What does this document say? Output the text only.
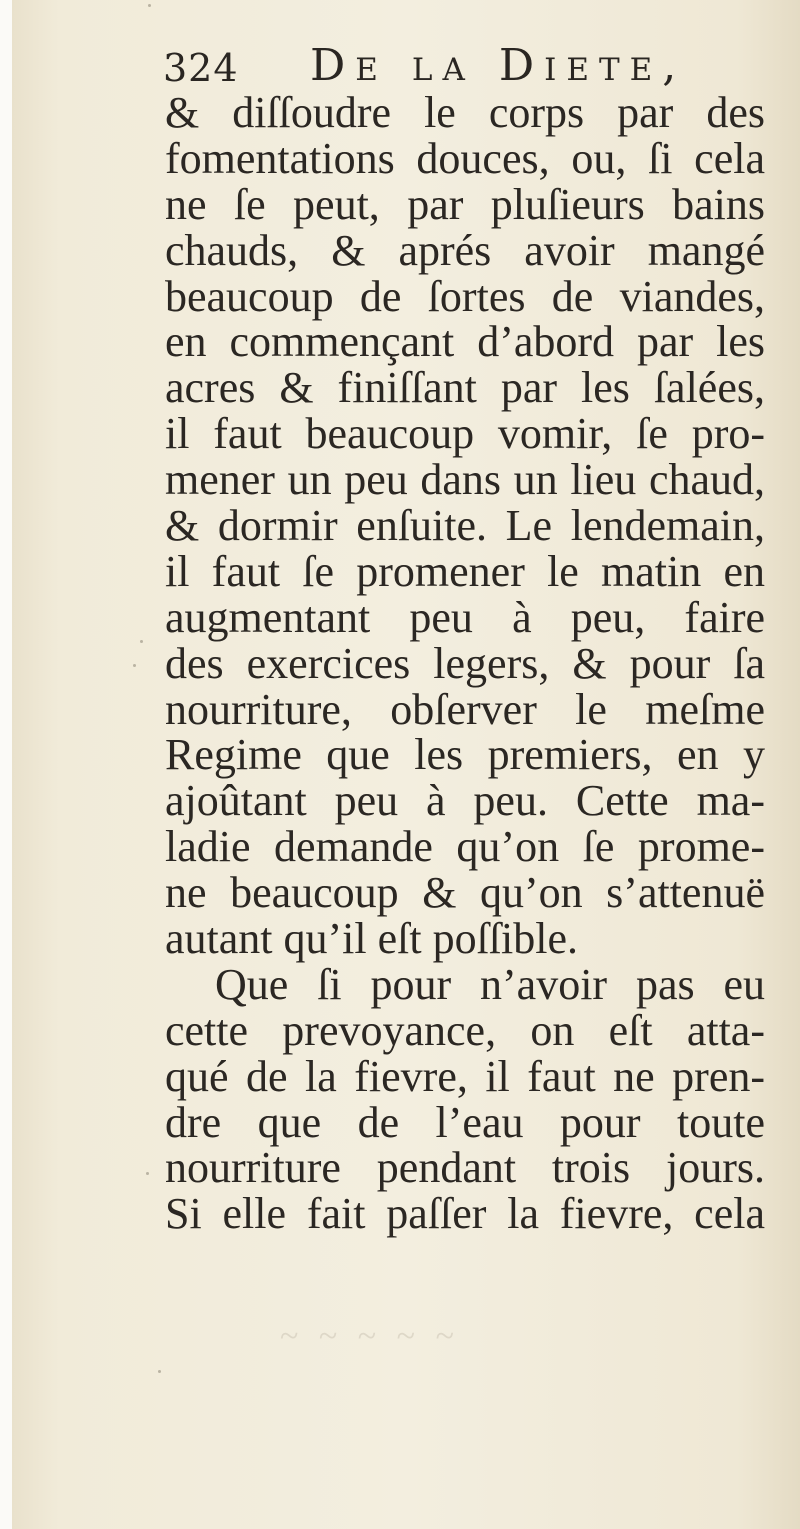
324 De la Diete,
& diſſoudre le corps par des
fomentations douces, ou, ſi cela
ne ſe peut, par pluſieurs bains
chauds, & aprés avoir mangé
beaucoup de ſortes de viandes,
en commençant d’abord par les
acres & finiſſant par les ſalées,
il faut beaucoup vomir, ſe pro-
mener un peu dans un lieu chaud,
& dormir enſuite. Le lendemain,
il faut ſe promener le matin en
augmentant peu à peu, faire
des exercices legers, & pour ſa
nourriture, obſerver le meſme
Regime que les premiers, en y
ajoûtant peu à peu. Cette ma-
ladie demande qu’on ſe prome-
ne beaucoup & qu’on s’attenuë
autant qu’il eſt poſſible.
Que ſi pour n’avoir pas eu
cette prevoyance, on eſt atta-
qué de la fievre, il faut ne pren-
dre que de l’eau pour toute
nourriture pendant trois jours.
Si elle fait paſſer la fievre, cela
~ ~ ~ ~ ~
